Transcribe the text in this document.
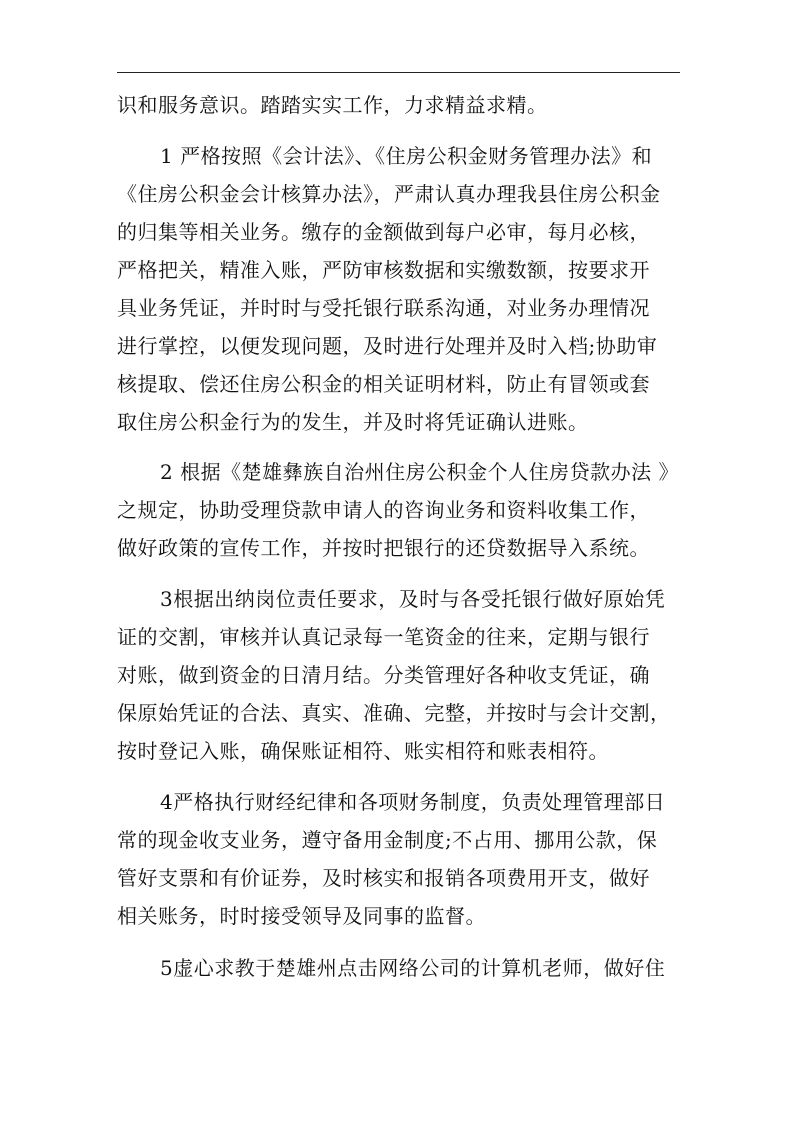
识和服务意识。踏踏实实工作，力求精益求精。
1 严格按照《会计法》、《住房公积金财务管理办法》和
《住房公积金会计核算办法》，严肃认真办理我县住房公积金
的归集等相关业务。缴存的金额做到每户必审，每月必核，
严格把关，精准入账，严防审核数据和实缴数额，按要求开
具业务凭证，并时时与受托银行联系沟通，对业务办理情况
进行掌控，以便发现问题，及时进行处理并及时入档;协助审
核提取、偿还住房公积金的相关证明材料，防止有冒领或套
取住房公积金行为的发生，并及时将凭证确认进账。
2 根据《楚雄彝族自治州住房公积金个人住房贷款办法 》
之规定，协助受理贷款申请人的咨询业务和资料收集工作，
做好政策的宣传工作，并按时把银行的还贷数据导入系统。
3根据出纳岗位责任要求，及时与各受托银行做好原始凭
证的交割，审核并认真记录每一笔资金的往来，定期与银行
对账，做到资金的日清月结。分类管理好各种收支凭证，确
保原始凭证的合法、真实、准确、完整，并按时与会计交割，
按时登记入账，确保账证相符、账实相符和账表相符。
4严格执行财经纪律和各项财务制度，负责处理管理部日
常的现金收支业务，遵守备用金制度;不占用、挪用公款，保
管好支票和有价证券，及时核实和报销各项费用开支，做好
相关账务，时时接受领导及同事的监督。
5虚心求教于楚雄州点击网络公司的计算机老师，做好住
